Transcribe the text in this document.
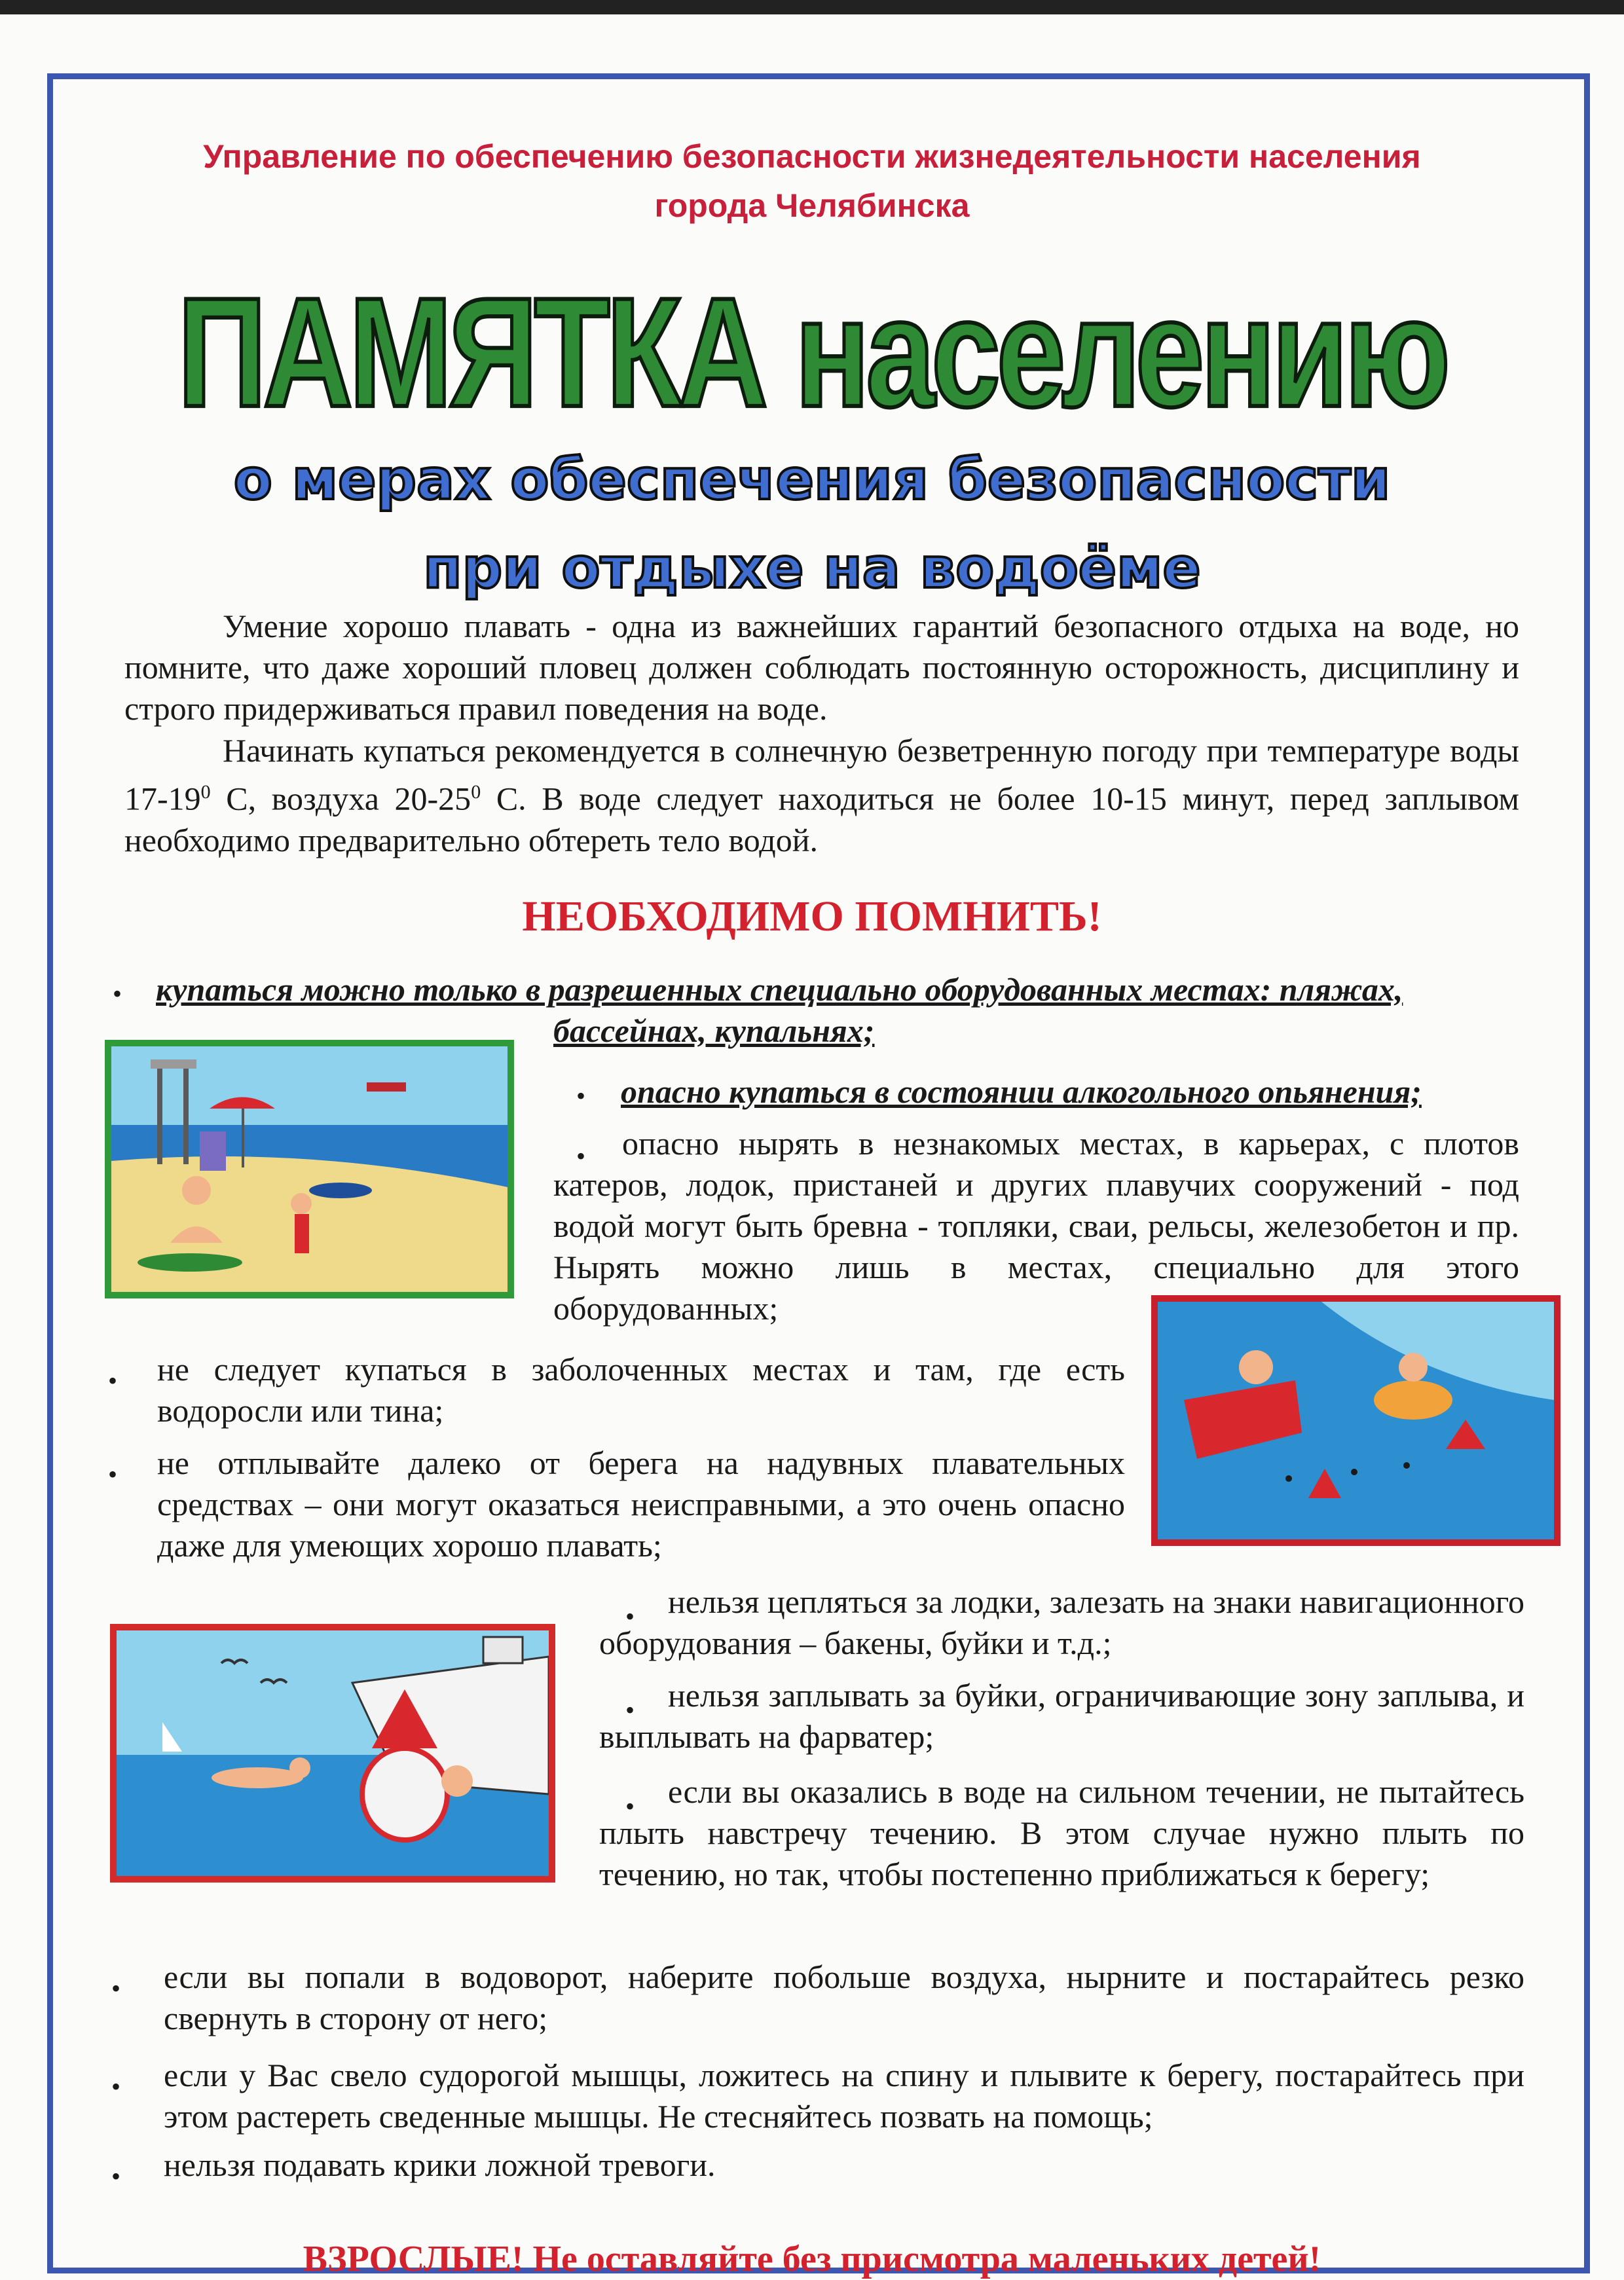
Управление по обеспечению безопасности жизнедеятельности населения
города Челябинска
ПАМЯТКА населению
о мерах обеспечения безопасности
при отдыхе на водоёме

Умение хорошо плавать - одна из важнейших гарантий безопасного отдыха на воде, но помните, что даже хороший пловец должен соблюдать постоянную осторожность, дисциплину и строго придерживаться правил поведения на воде.

Начинать купаться рекомендуется в солнечную безветренную погоду при температуре воды $17-19^0$ С, воздуха $20-25^0$ С. В воде следует находиться не более 10-15 минут, перед заплывом необходимо предварительно обтереть тело водой.

НЕОБХОДИМО ПОМНИТЬ!
• купаться можно только в разрешенных специально оборудованных местах: пляжах,

бассейнах, купальнях;

• опасно купаться в состоянии алкогольного опьянения;

•	опасно нырять в незнакомых местах, в карьерах, с плотов катеров, лодок, пристаней и других плавучих сооружений - под водой могут быть бревна - топляки, сваи, рельсы, железобетон и пр. Нырять можно лишь в местах, специально для этого оборудованных;

• не следует купаться в заболоченных местах и там, где есть водоросли или тина;

• не отплывайте далеко от берега на надувных плавательных средствах – они могут оказаться неисправными, а это очень опасно даже для умеющих хорошо плавать;

•	нельзя цепляться за лодки, залезать на знаки навигационного оборудования – бакены, буйки и т.д.;

•	нельзя заплывать за буйки, ограничивающие зону заплыва, и выплывать на фарватер;

•	если вы оказались в воде на сильном течении, не пытайтесь плыть навстречу течению. В этом случае нужно плыть по течению, но так, чтобы постепенно приближаться к берегу;

• если вы попали в водоворот, наберите побольше воздуха, нырните и постарайтесь резко свернуть в сторону от него;

• если у Вас свело судорогой мышцы, ложитесь на спину и плывите к берегу, постарайтесь при этом растереть сведенные мышцы. Не стесняйтесь позвать на помощь;

• нельзя подавать крики ложной тревоги.

ВЗРОСЛЫЕ! Не оставляйте без присмотра маленьких детей!
